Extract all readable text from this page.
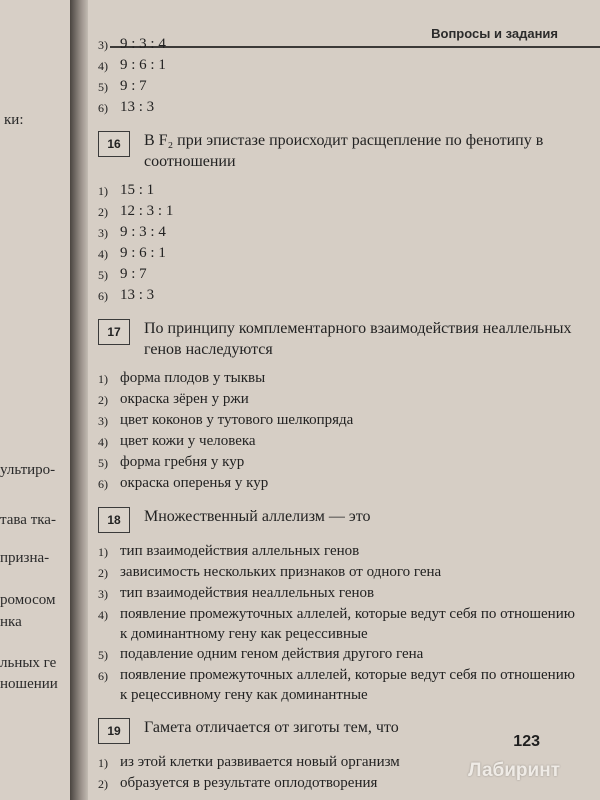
ки:
ультиро-
тава тка-
призна-
ромосом
нка
льных ге
ношении
Вопросы и задания
3) 9 : 3 : 4
4) 9 : 6 : 1
5) 9 : 7
6) 13 : 3
16	В F₂ при эпистазе происходит расщепление по фенотипу в соотношении
1) 15 : 1
2) 12 : 3 : 1
3) 9 : 3 : 4
4) 9 : 6 : 1
5) 9 : 7
6) 13 : 3
17	По принципу комплементарного взаимодействия неаллельных генов наследуются
1) форма плодов у тыквы
2) окраска зёрен у ржи
3) цвет коконов у тутового шелкопряда
4) цвет кожи у человека
5) форма гребня у кур
6) окраска оперенья у кур
18	Множественный аллелизм — это
1) тип взаимодействия аллельных генов
2) зависимость нескольких признаков от одного гена
3) тип взаимодействия неаллельных генов
4) появление промежуточных аллелей, которые ведут себя по отношению к доминантному гену как рецессивные
5) подавление одним геном действия другого гена
6) появление промежуточных аллелей, которые ведут себя по отношению к рецессивному гену как доминантные
19	Гамета отличается от зиготы тем, что
1) из этой клетки развивается новый организм
2) образуется в результате оплодотворения
123
Лабиринт
